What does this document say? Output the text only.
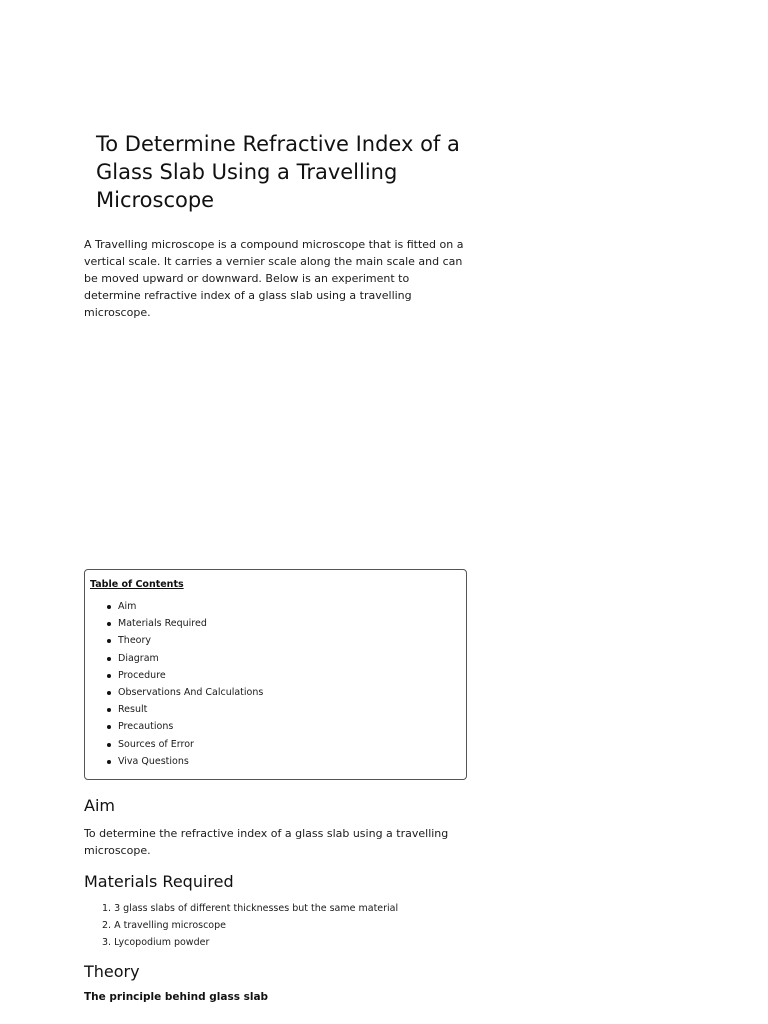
To Determine Refractive Index of a Glass Slab Using a Travelling Microscope

A Travelling microscope is a compound microscope that is fitted on a vertical scale. It carries a vernier scale along the main scale and can be moved upward or downward. Below is an experiment to determine refractive index of a glass slab using a travelling microscope.

Table of Contents

Aim
Materials Required
Theory
Diagram
Procedure
Observations And Calculations
Result
Precautions
Sources of Error
Viva Questions
Aim

To determine the refractive index of a glass slab using a travelling microscope.

Materials Required
1. 3 glass slabs of different thicknesses but the same material
2. A travelling microscope
3. Lycopodium powder
Theory

The principle behind glass slab
